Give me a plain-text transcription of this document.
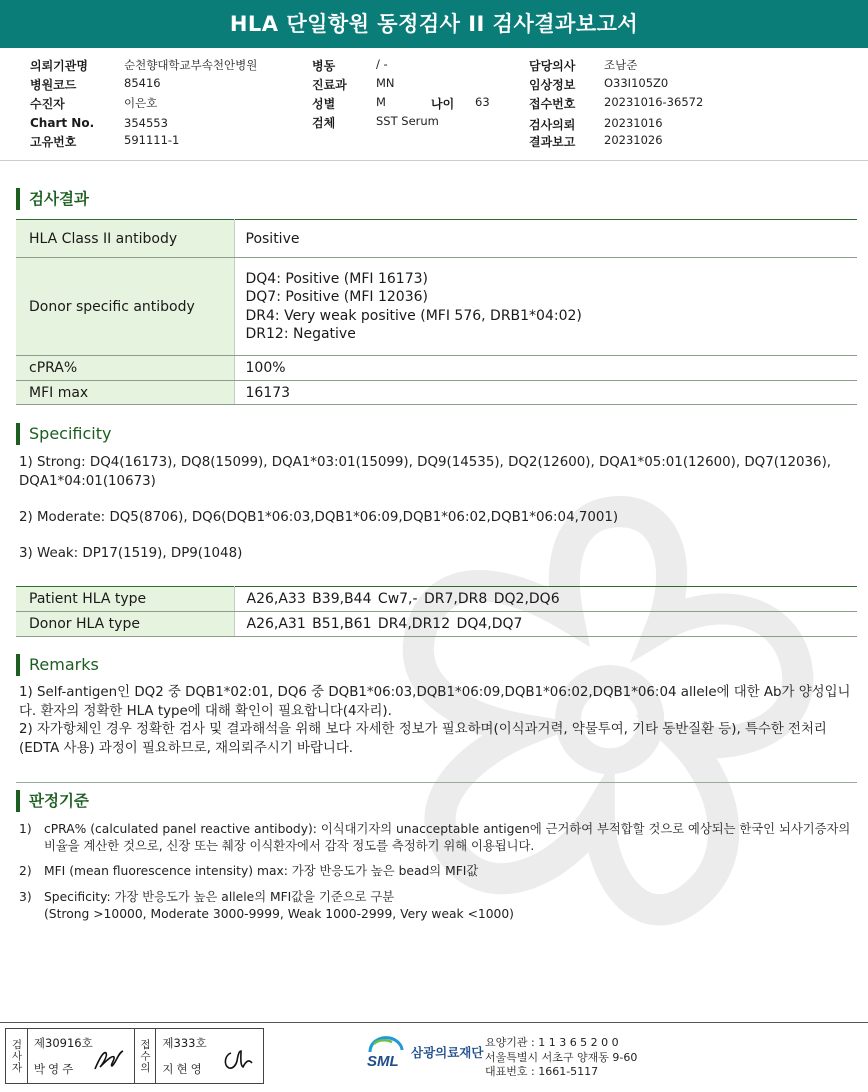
HLA 단일항원 동정검사 II 검사결과보고서
의뢰기관명	순천향대학교부속천안병원
병원코드	85416
수진자	이은호
Chart No.	354553
고유번호	591111-1
병동	/ -
진료과	MN
성별	M	나이 63
검체	SST Serum
담당의사 조남준
임상정보 O33I105Z0
접수번호 20231016-36572
검사의뢰 20231016
결과보고 20231026
검사결과
HLA Class II antibody	Positive
Donor specific antibody	DQ4: Positive (MFI 16173)
DQ7: Positive (MFI 12036)
DR4: Very weak positive (MFI 576, DRB1*04:02)
DR12: Negative

cPRA%	100%
MFI max	16173
Specificity
1) Strong: DQ4(16173), DQ8(15099), DQA1*03:01(15099), DQ9(14535), DQ2(12600), DQA1*05:01(12600), DQ7(12036), DQA1*04:01(10673)
2) Moderate: DQ5(8706), DQ6(DQB1*06:03,DQB1*06:09,DQB1*06:02,DQB1*06:04,7001)
3) Weak: DP17(1519), DP9(1048)
Patient HLA type	A26,A33 B39,B44 Cw7,- DR7,DR8 DQ2,DQ6
Donor HLA type	A26,A31 B51,B61 DR4,DR12 DQ4,DQ7
Remarks
1) Self-antigen인 DQ2 중 DQB1*02:01, DQ6 중 DQB1*06:03,DQB1*06:09,DQB1*06:02,DQB1*06:04 allele에 대한 Ab가 양성입니다. 환자의 정확한 HLA type에 대해 확인이 필요합니다(4자리).
2) 자가항체인 경우 정확한 검사 및 결과해석을 위해 보다 자세한 정보가 필요하며(이식과거력, 약물투여, 기타 동반질환 등), 특수한 전처리(EDTA 사용) 과정이 필요하므로, 재의뢰주시기 바랍니다.
판정기준
1) cPRA% (calculated panel reactive antibody): 이식대기자의 unacceptable antigen에 근거하여 부적합할 것으로 예상되는 한국인 뇌사기증자의 비율을 계산한 것으로, 신장 또는 췌장 이식환자에서 감작 정도를 측정하기 위해 이용됩니다.
2) MFI (mean fluorescence intensity) max: 가장 반응도가 높은 bead의 MFI값
3) Specificity: 가장 반응도가 높은 allele의 MFI값을 기준으로 구분
(Strong >10000, Moderate 3000-9999, Weak 1000-2999, Very weak <1000)
검사자 제30916호
박영주	접수의 제333호
지현영	SML
삼광의료재단
요양기관 : 1 1 3 6 5 2 0 0
서울특별시 서초구 양재동 9-60
대표번호 : 1661-5117
